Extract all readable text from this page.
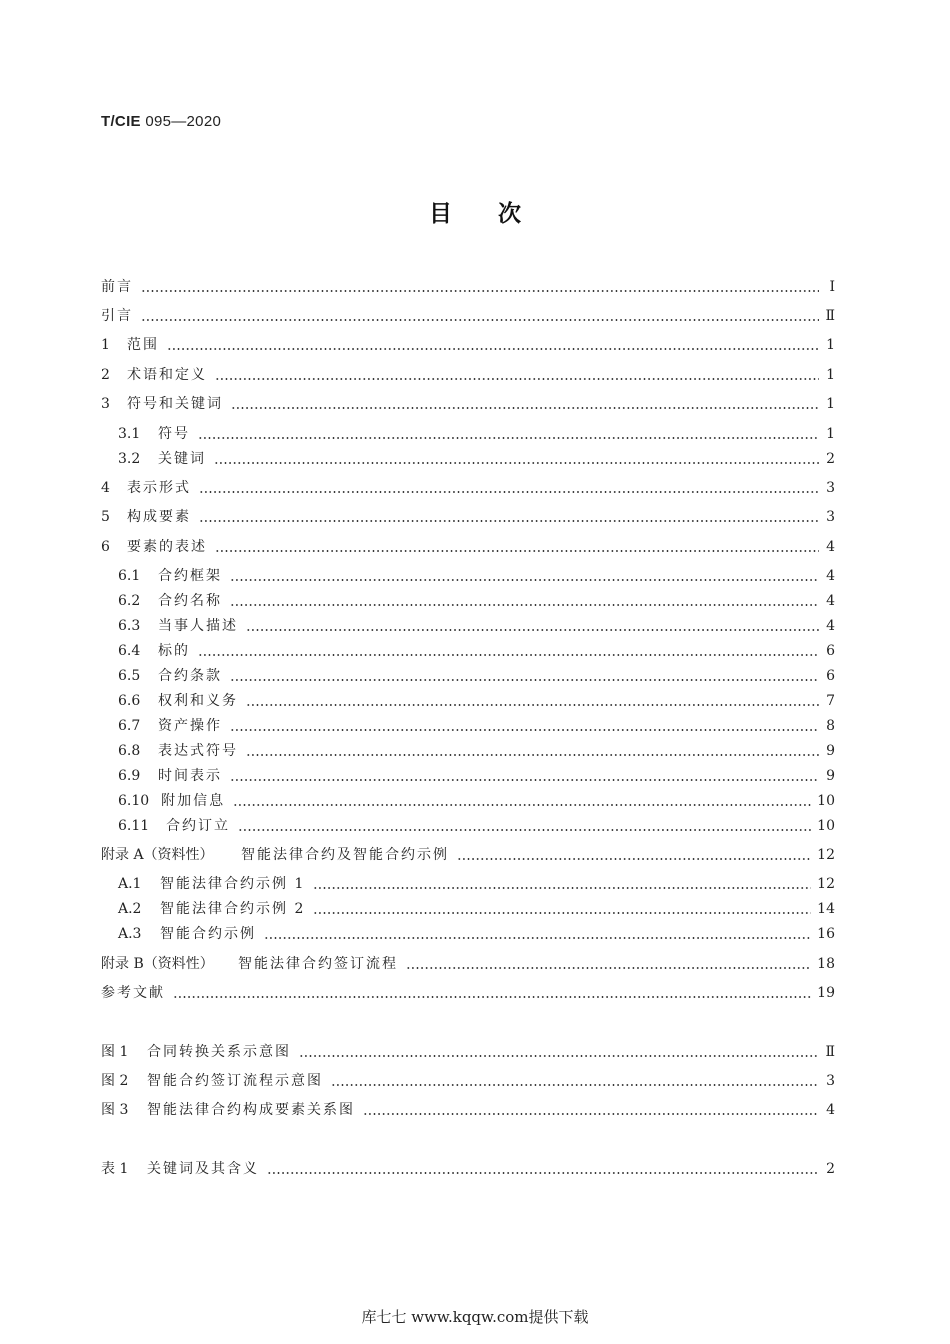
T/CIE 095—2020
目次
前言	Ⅰ
引言	Ⅱ
1	范围	1
2	术语和定义	1
3	符号和关键词	1
3.1	符号	1
3.2	关键词	2
4	表示形式	3
5	构成要素	3
6	要素的表述	4
6.1	合约框架	4
6.2	合约名称	4
6.3	当事人描述	4
6.4	标的	6
6.5	合约条款	6
6.6	权利和义务	7
6.7	资产操作	8
6.8	表达式符号	9
6.9	时间表示	9
6.10 附加信息	10
6.11	合约订立	10
附录 A（资料性）	智能法律合约及智能合约示例	12
A.1	智能法律合约示例 1	12
A.2	智能法律合约示例 2	14
A.3	智能合约示例	16
附录 B（资料性）	智能法律合约签订流程	18
参考文献	19
图 1	合同转换关系示意图	Ⅱ
图 2	智能合约签订流程示意图	3
图 3	智能法律合约构成要素关系图	4
表 1	关键词及其含义	2
库七七 www.kqqw.com提供下载
